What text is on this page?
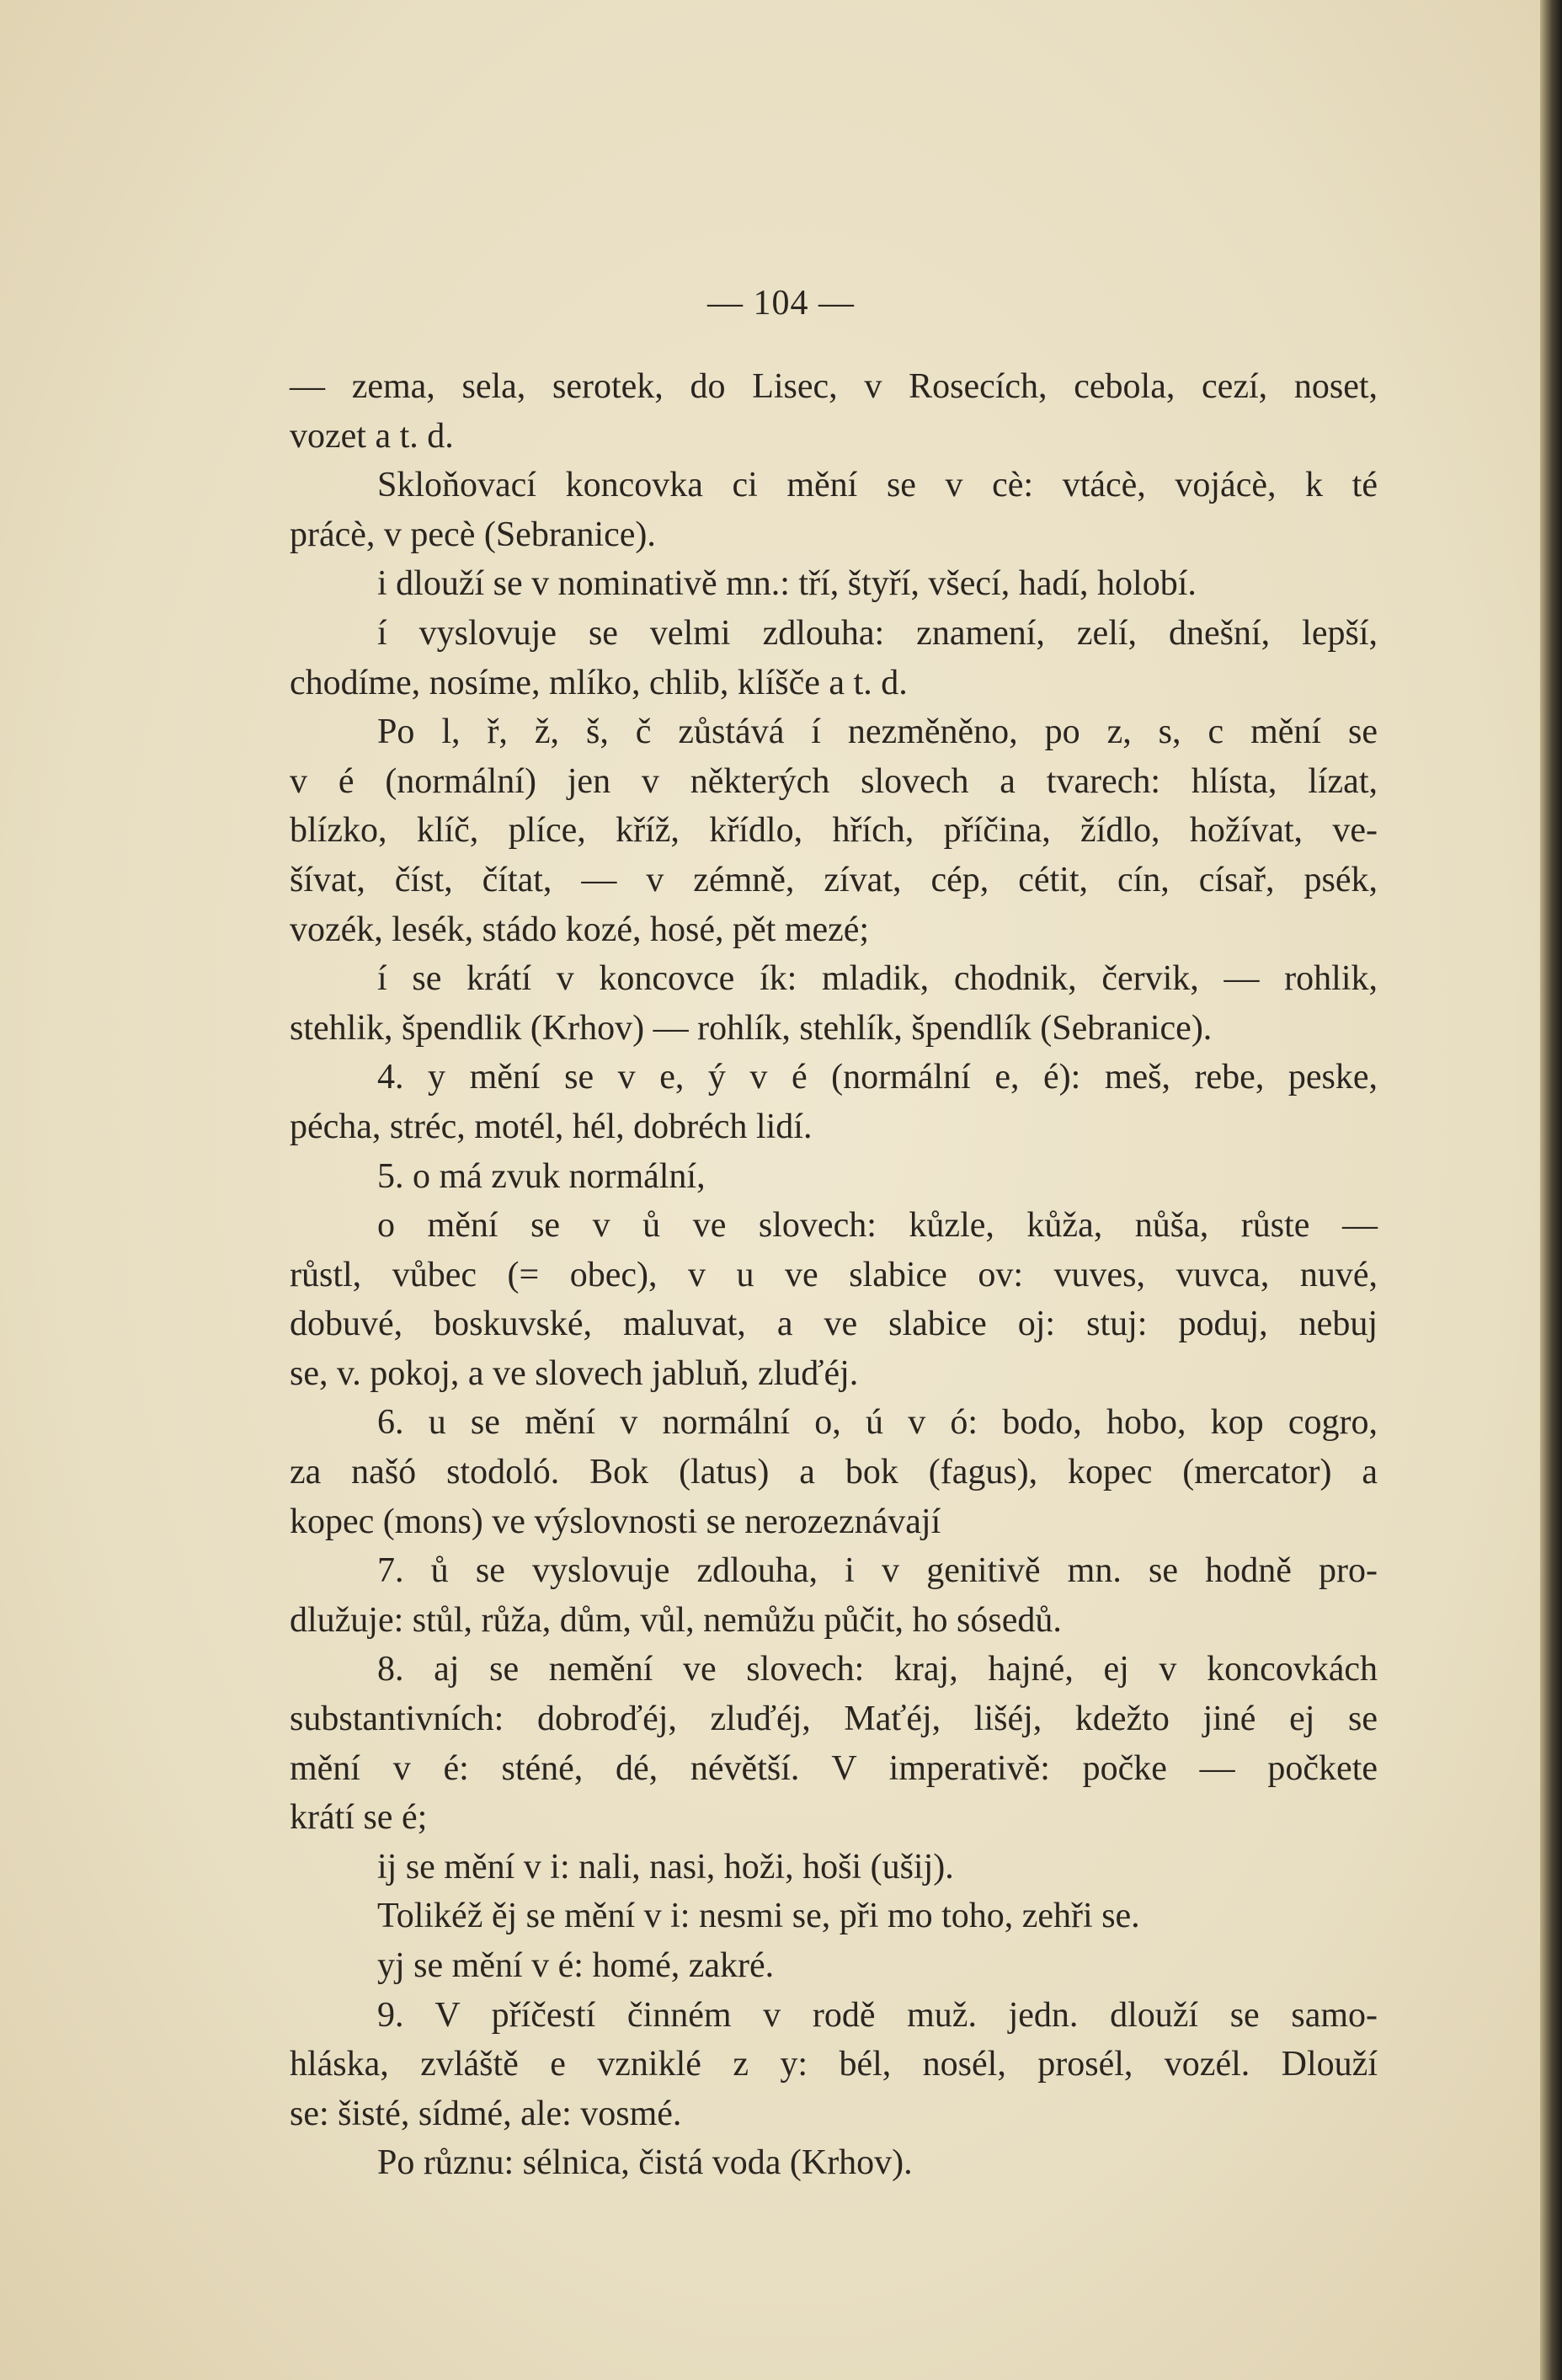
— 104 —
— zema, sela, serotek, do Lisec, v Rosecích, cebola, cezí, noset,
vozet a t. d.
Skloňovací koncovka ci mění se v cè: vtácè, vojácè, k té
prácè, v pecè (Sebranice).
i dlouží se v nominativě mn.: tří, štyří, všecí, hadí, holobí.
í vyslovuje se velmi zdlouha: znamení, zelí, dnešní, lepší,
chodíme, nosíme, mlíko, chlib, klíšče a t. d.
Po l, ř, ž, š, č zůstává í nezměněno, po z, s, c mění se
v é (normální) jen v některých slovech a tvarech: hlísta, lízat,
blízko, klíč, plíce, kříž, křídlo, hřích, příčina, žídlo, hožívat, ve-
šívat, číst, čítat, — v zémně, zívat, cép, cétit, cín, císař, psék,
vozék, lesék, stádo kozé, hosé, pět mezé;
í se krátí v koncovce ík: mladik, chodnik, červik, — rohlik,
stehlik, špendlik (Krhov) — rohlík, stehlík, špendlík (Sebranice).
4. y mění se v e, ý v é (normální e, é): meš, rebe, peske,
pécha, stréc, motél, hél, dobréch lidí.
5. o má zvuk normální,
o mění se v ů ve slovech: kůzle, kůža, nůša, růste —
růstl, vůbec (= obec), v u ve slabice ov: vuves, vuvca, nuvé,
dobuvé, boskuvské, maluvat, a ve slabice oj: stuj: poduj, nebuj
se, v. pokoj, a ve slovech jabluň, zluďéj.
6. u se mění v normální o, ú v ó: bodo, hobo, kop cogro,
za našó stodoló. Bok (latus) a bok (fagus), kopec (mercator) a
kopec (mons) ve výslovnosti se nerozeznávají
7. ů se vyslovuje zdlouha, i v genitivě mn. se hodně pro-
dlužuje: stůl, růža, dům, vůl, nemůžu půčit, ho sósedů.
8. aj se nemění ve slovech: kraj, hajné, ej v koncovkách
substantivních: dobroďéj, zluďéj, Maťéj, lišéj, kdežto jiné ej se
mění v é: sténé, dé, névětší. V imperativě: počke — počkete
krátí se é;
ij se mění v i: nali, nasi, hoži, hoši (ušij).
Tolikéž ěj se mění v i: nesmi se, při mo toho, zehři se.
yj se mění v é: homé, zakré.
9. V příčestí činném v rodě muž. jedn. dlouží se samo-
hláska, zvláště e vzniklé z y: bél, nosél, prosél, vozél. Dlouží
se: šisté, sídmé, ale: vosmé.
Po různu: sélnica, čistá voda (Krhov).
